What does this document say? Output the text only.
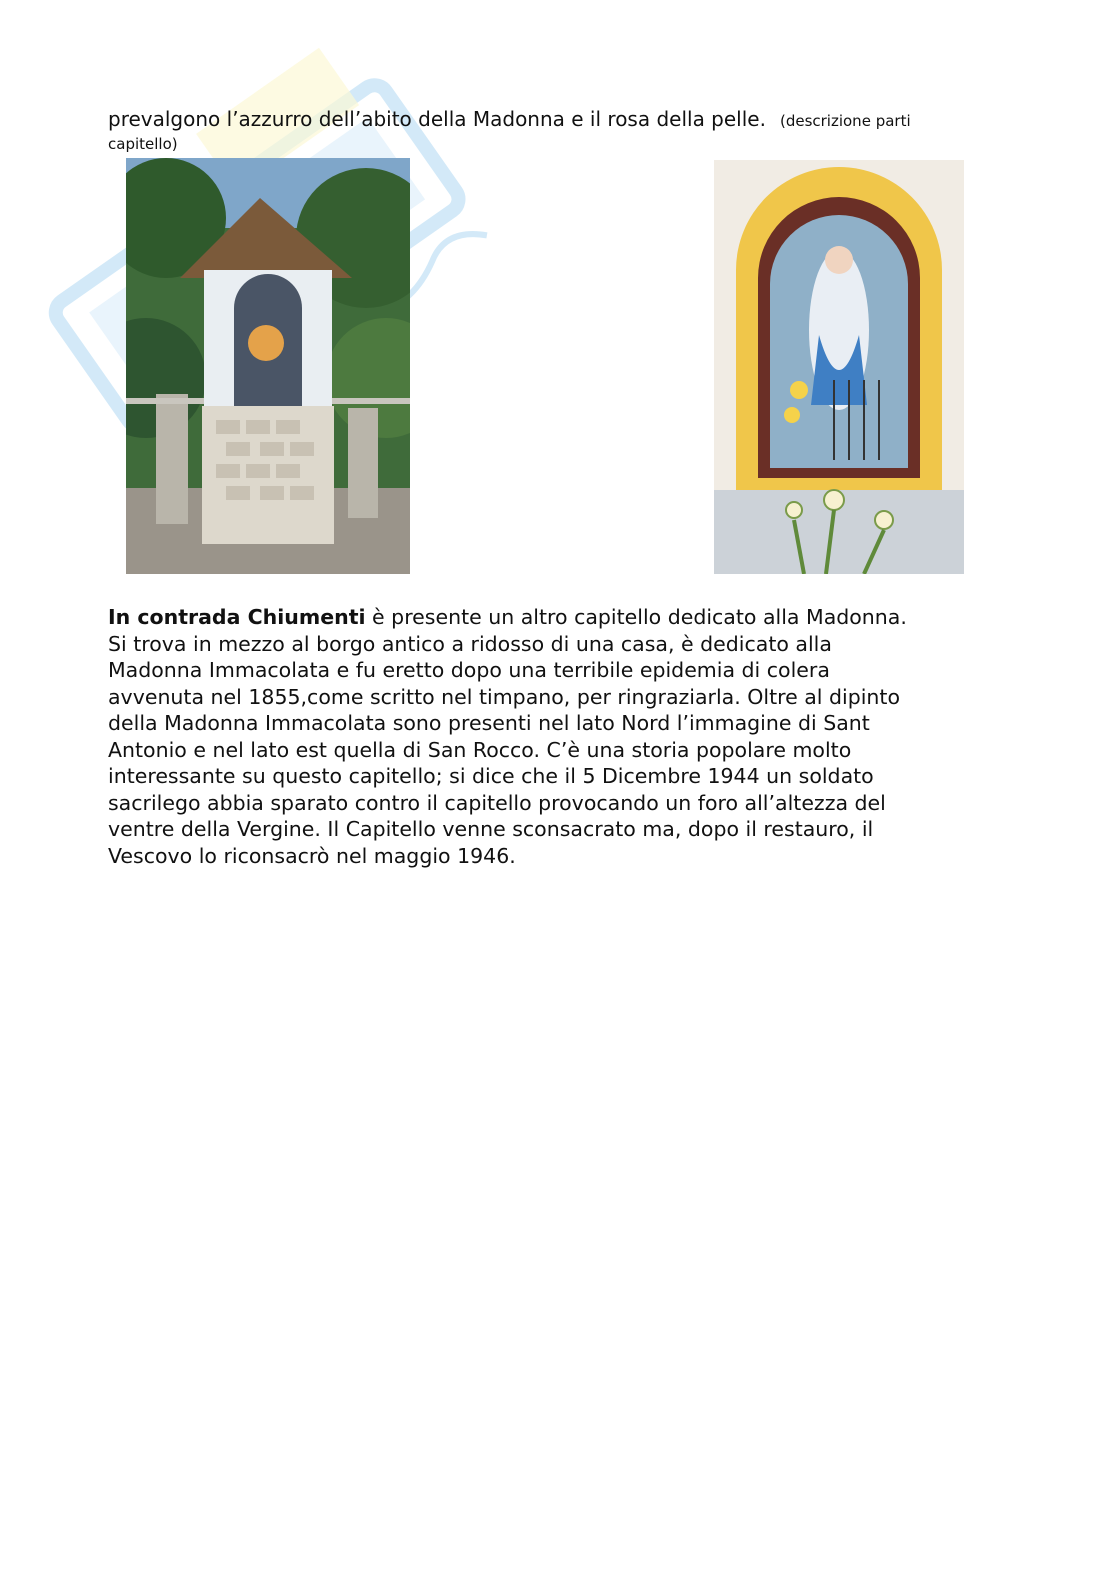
prevalgono l’azzurro dell’abito della Madonna e il rosa della pelle. (descrizione parti
capitello)
In contrada Chiumenti è presente un altro capitello dedicato alla Madonna.
Si trova in mezzo al borgo antico a ridosso di una casa, è dedicato alla
Madonna Immacolata e fu eretto dopo una terribile epidemia di colera
avvenuta nel 1855,come scritto nel timpano, per ringraziarla. Oltre al dipinto
della Madonna Immacolata sono presenti nel lato Nord l’immagine di Sant
Antonio e nel lato est quella di San Rocco. C’è una storia popolare molto
interessante su questo capitello; si dice che il 5 Dicembre 1944 un soldato
sacrilego abbia sparato contro il capitello provocando un foro all’altezza del
ventre della Vergine. Il Capitello venne sconsacrato ma, dopo il restauro, il
Vescovo lo riconsacrò nel maggio 1946.
